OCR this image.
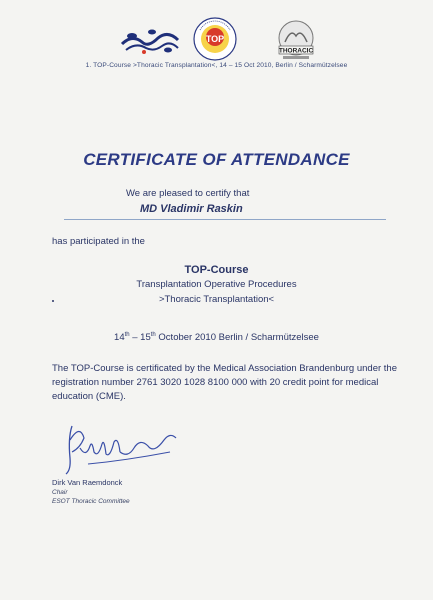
TOP
THORACIC
1. TOP-Course >Thoracic Transplantation<, 14 – 15 Oct 2010, Berlin / Scharmützelsee
CERTIFICATE OF ATTENDANCE
We are pleased to certify that
MD Vladimir Raskin
has participated in the
TOP-Course
Transplantation Operative Procedures
>Thoracic Transplantation<
14th – 15th October 2010 Berlin / Scharmützelsee
The TOP-Course is certificated by the Medical Association Brandenburg under the registration number 2761 3020 1028 8100 000 with 20 credit point for medical education (CME).
Dirk Van Raemdonck
Chair
ESOT Thoracic Committee
